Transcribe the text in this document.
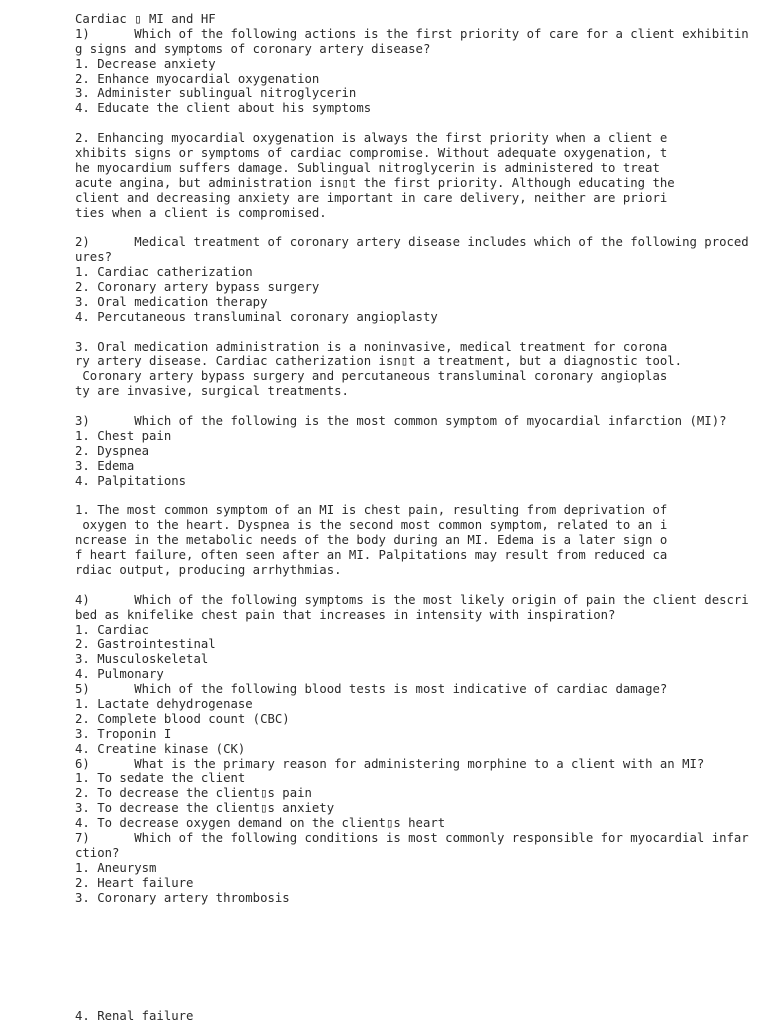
Cardiac ▯ MI and HF
1)	Which of the following actions is the first priority of care for a client exhibitin
g signs and symptoms of coronary artery disease?
1. Decrease anxiety
2. Enhance myocardial oxygenation
3. Administer sublingual nitroglycerin
4. Educate the client about his symptoms
2. Enhancing myocardial oxygenation is always the first priority when a client e
xhibits signs or symptoms of cardiac compromise. Without adequate oxygenation, t
he myocardium suffers damage. Sublingual nitroglycerin is administered to treat
acute angina, but administration isn▯t the first priority. Although educating the
client and decreasing anxiety are important in care delivery, neither are priori
ties when a client is compromised.
2)	Medical treatment of coronary artery disease includes which of the following proced
ures?
1. Cardiac catherization
2. Coronary artery bypass surgery
3. Oral medication therapy
4. Percutaneous transluminal coronary angioplasty
3. Oral medication administration is a noninvasive, medical treatment for corona
ry artery disease. Cardiac catherization isn▯t a treatment, but a diagnostic tool.
Coronary artery bypass surgery and percutaneous transluminal coronary angioplas
ty are invasive, surgical treatments.
3)	Which of the following is the most common symptom of myocardial infarction (MI)?
1. Chest pain
2. Dyspnea
3. Edema
4. Palpitations
1. The most common symptom of an MI is chest pain, resulting from deprivation of
oxygen to the heart. Dyspnea is the second most common symptom, related to an i
ncrease in the metabolic needs of the body during an MI. Edema is a later sign o
f heart failure, often seen after an MI. Palpitations may result from reduced ca
rdiac output, producing arrhythmias.
4)	Which of the following symptoms is the most likely origin of pain the client descri
bed as knifelike chest pain that increases in intensity with inspiration?
1. Cardiac
2. Gastrointestinal
3. Musculoskeletal
4. Pulmonary
5)	Which of the following blood tests is most indicative of cardiac damage?
1. Lactate dehydrogenase
2. Complete blood count (CBC)
3. Troponin I
4. Creatine kinase (CK)
6)	What is the primary reason for administering morphine to a client with an MI?
1. To sedate the client
2. To decrease the client▯s pain
3. To decrease the client▯s anxiety
4. To decrease oxygen demand on the client▯s heart
7)	Which of the following conditions is most commonly responsible for myocardial infar
ction?
1. Aneurysm
2. Heart failure
3. Coronary artery thrombosis
4. Renal failure
